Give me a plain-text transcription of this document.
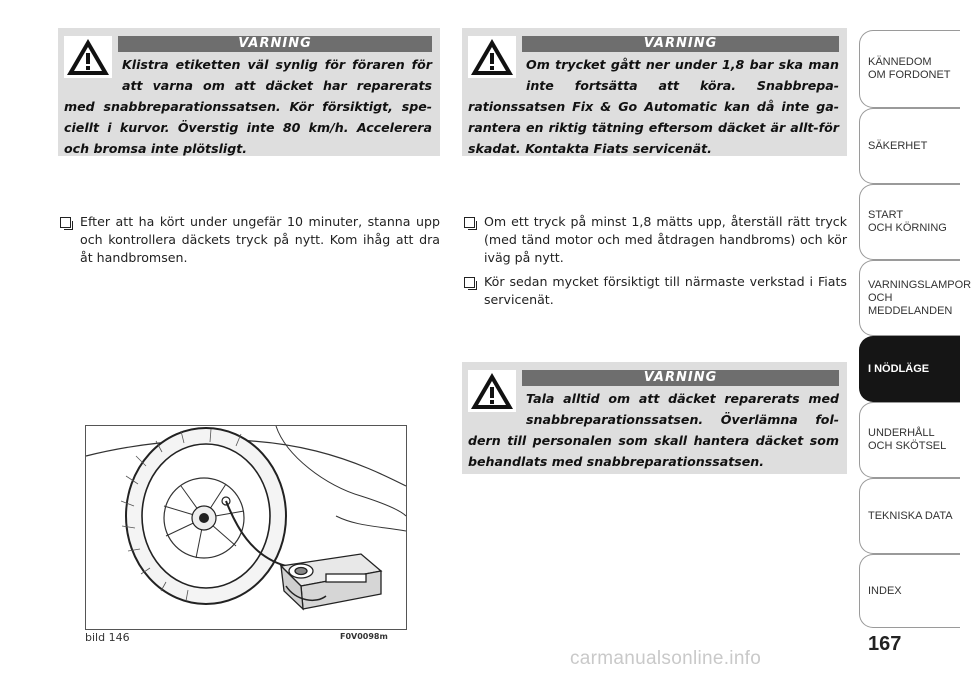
VARNING
Klistra etiketten väl synlig för föraren för att varna om att däcket har reparerats med snabbreparationssatsen. Kör försiktigt, spe-ciellt i kurvor. Överstig inte 80 km/h. Accelerera och bromsa inte plötsligt.
VARNING
Om trycket gått ner under 1,8 bar ska man inte fortsätta att köra. Snabbrepa-rationssatsen Fix & Go Automatic kan då inte ga-rantera en riktig tätning eftersom däcket är allt-för skadat. Kontakta Fiats servicenät.
Efter att ha kört under ungefär 10 minuter, stanna upp och kontrollera däckets tryck på nytt. Kom ihåg att dra åt handbromsen.
Om ett tryck på minst 1,8 mätts upp, återställ rätt tryck (med tänd motor och med åtdragen handbroms) och kör iväg på nytt.
Kör sedan mycket försiktigt till närmaste verkstad i Fiats servicenät.
VARNING
Tala alltid om att däcket reparerats med snabbreparationssatsen. Överlämna fol-dern till personalen som skall hantera däcket som behandlats med snabbreparationssatsen.
bild 146	F0V0098m
KÄNNEDOM
OM FORDONET
SÄKERHET
START
OCH KÖRNING
VARNINGSLAMPOR
OCH
MEDDELANDEN
I NÖDLÄGE
UNDERHÅLL
OCH SKÖTSEL
TEKNISKA DATA
INDEX
167
carmanualsonline.info
